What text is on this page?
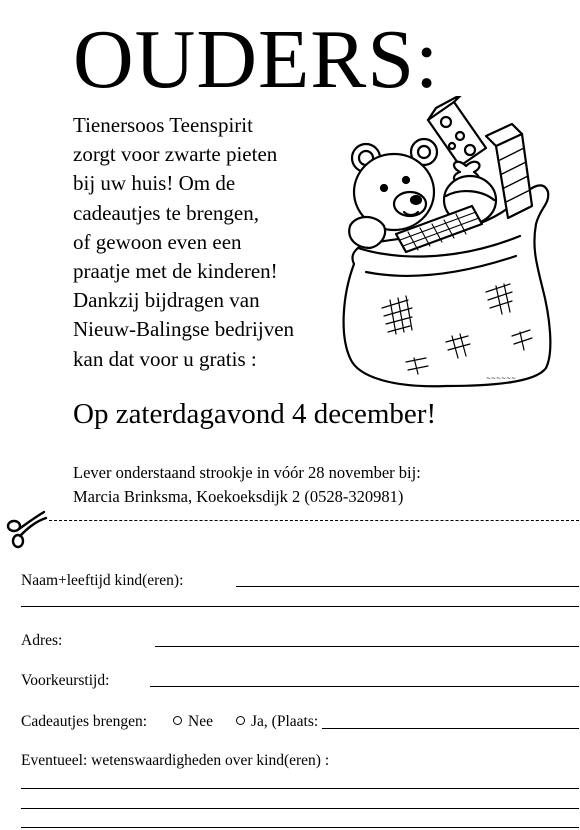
OUDERS:
Tienersoos Teenspirit
zorgt voor zwarte pieten
bij uw huis! Om de
cadeautjes te brengen,
of gewoon even een
praatje met de kinderen!
Dankzij bijdragen van
Nieuw-Balingse bedrijven
kan dat voor u gratis :
~~~~~~
Op zaterdagavond 4 december!
Lever onderstaand strookje in vóór 28 november bij:
Marcia Brinksma, Koekoeksdijk 2 (0528-320981)
Naam+leeftijd kind(eren):
Adres:
Voorkeurstijd:
Cadeautjes brengen:	Nee	Ja, (Plaats:
Eventueel: wetenswaardigheden over kind(eren) :
